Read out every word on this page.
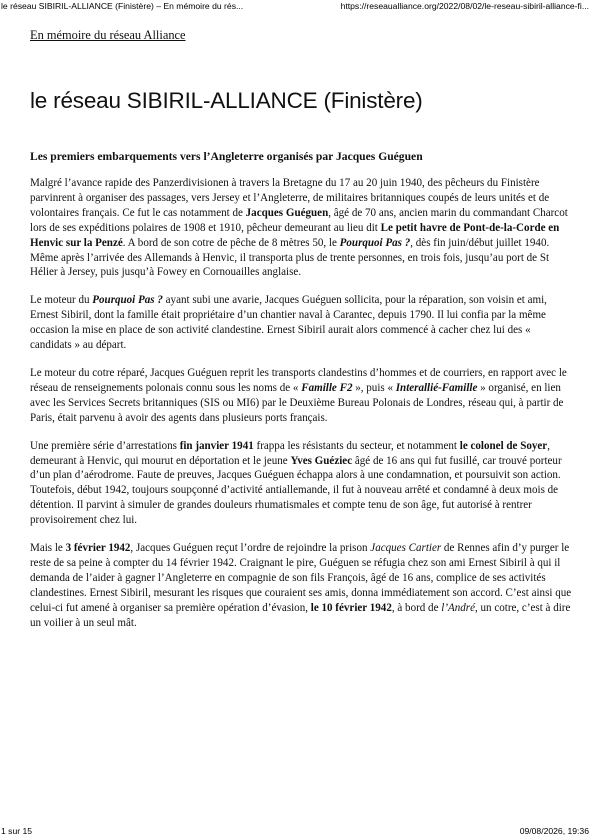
le réseau SIBIRIL-ALLIANCE (Finistère) – En mémoire du rés...	https://reseaualliance.org/2022/08/02/le-reseau-sibiril-alliance-fi...
En mémoire du réseau Alliance
le réseau SIBIRIL-ALLIANCE (Finistère)

Les premiers embarquements vers l’Angleterre organisés par Jacques Guéguen

Malgré l’avance rapide des Panzerdivisionen à travers la Bretagne du 17 au 20 juin 1940, des pêcheurs du Finistère parvinrent à organiser des passages, vers Jersey et l’Angleterre, de militaires britanniques coupés de leurs unités et de volontaires français. Ce fut le cas notamment de Jacques Guéguen, âgé de 70 ans, ancien marin du commandant Charcot lors de ses expéditions polaires de 1908 et 1910, pêcheur demeurant au lieu dit Le petit havre de Pont-de-la-Corde en Henvic sur la Penzé. A bord de son cotre de pêche de 8 mètres 50, le Pourquoi Pas ?, dès fin juin/début juillet 1940. Même après l’arrivée des Allemands à Henvic, il transporta plus de trente personnes, en trois fois, jusqu’au port de St Hélier à Jersey, puis jusqu’à Fowey en Cornouailles anglaise.

Le moteur du Pourquoi Pas ? ayant subi une avarie, Jacques Guéguen sollicita, pour la réparation, son voisin et ami, Ernest Sibiril, dont la famille était propriétaire d’un chantier naval à Carantec, depuis 1790. Il lui confia par la même occasion la mise en place de son activité clandestine. Ernest Sibiril aurait alors commencé à cacher chez lui des « candidats » au départ.

Le moteur du cotre réparé, Jacques Guéguen reprit les transports clandestins d’hommes et de courriers, en rapport avec le réseau de renseignements polonais connu sous les noms de « Famille F2 », puis « Interallié-Famille » organisé, en lien avec les Services Secrets britanniques (SIS ou MI6) par le Deuxième Bureau Polonais de Londres, réseau qui, à partir de Paris, était parvenu à avoir des agents dans plusieurs ports français.

Une première série d’arrestations fin janvier 1941 frappa les résistants du secteur, et notamment le colonel de Soyer, demeurant à Henvic, qui mourut en déportation et le jeune Yves Guéziec âgé de 16 ans qui fut fusillé, car trouvé porteur d’un plan d’aérodrome. Faute de preuves, Jacques Guéguen échappa alors à une condamnation, et poursuivit son action. Toutefois, début 1942, toujours soupçonné d’activité antiallemande, il fut à nouveau arrêté et condamné à deux mois de détention. Il parvint à simuler de grandes douleurs rhumatismales et compte tenu de son âge, fut autorisé à rentrer provisoirement chez lui.

Mais le 3 février 1942, Jacques Guéguen reçut l’ordre de rejoindre la prison Jacques Cartier de Rennes afin d’y purger le reste de sa peine à compter du 14 février 1942. Craignant le pire, Guéguen se réfugia chez son ami Ernest Sibiril à qui il demanda de l’aider à gagner l’Angleterre en compagnie de son fils François, âgé de 16 ans, complice de ses activités clandestines. Ernest Sibiril, mesurant les risques que couraient ses amis, donna immédiatement son accord. C’est ainsi que celui-ci fut amené à organiser sa première opération d’évasion, le 10 février 1942, à bord de l’André, un cotre, c’est à dire un voilier à un seul mât.

1 sur 15	09/08/2026, 19:36
